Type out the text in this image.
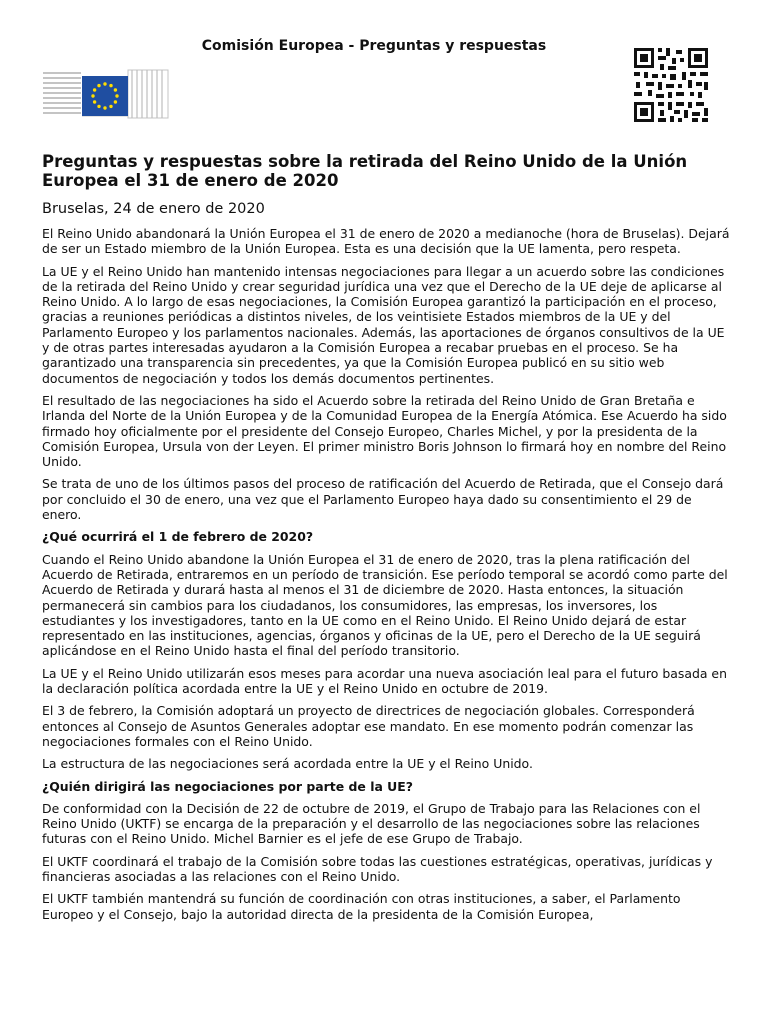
Comisión Europea - Preguntas y respuestas
Preguntas y respuestas sobre la retirada del Reino Unido de la Unión Europea el 31 de enero de 2020
Bruselas, 24 de enero de 2020

El Reino Unido abandonará la Unión Europea el 31 de enero de 2020 a medianoche (hora de Bruselas). Dejará de ser un Estado miembro de la Unión Europea. Esta es una decisión que la UE lamenta, pero respeta.

La UE y el Reino Unido han mantenido intensas negociaciones para llegar a un acuerdo sobre las condiciones de la retirada del Reino Unido y crear seguridad jurídica una vez que el Derecho de la UE deje de aplicarse al Reino Unido. A lo largo de esas negociaciones, la Comisión Europea garantizó la participación en el proceso, gracias a reuniones periódicas a distintos niveles, de los veintisiete Estados miembros de la UE y del Parlamento Europeo y los parlamentos nacionales. Además, las aportaciones de órganos consultivos de la UE y de otras partes interesadas ayudaron a la Comisión Europea a recabar pruebas en el proceso. Se ha garantizado una transparencia sin precedentes, ya que la Comisión Europea publicó en su sitio web documentos de negociación y todos los demás documentos pertinentes.

El resultado de las negociaciones ha sido el Acuerdo sobre la retirada del Reino Unido de Gran Bretaña e Irlanda del Norte de la Unión Europea y de la Comunidad Europea de la Energía Atómica. Ese Acuerdo ha sido firmado hoy oficialmente por el presidente del Consejo Europeo, Charles Michel, y por la presidenta de la Comisión Europea, Ursula von der Leyen. El primer ministro Boris Johnson lo firmará hoy en nombre del Reino Unido.

Se trata de uno de los últimos pasos del proceso de ratificación del Acuerdo de Retirada, que el Consejo dará por concluido el 30 de enero, una vez que el Parlamento Europeo haya dado su consentimiento el 29 de enero.

¿Qué ocurrirá el 1 de febrero de 2020?

Cuando el Reino Unido abandone la Unión Europea el 31 de enero de 2020, tras la plena ratificación del Acuerdo de Retirada, entraremos en un período de transición. Ese período temporal se acordó como parte del Acuerdo de Retirada y durará hasta al menos el 31 de diciembre de 2020. Hasta entonces, la situación permanecerá sin cambios para los ciudadanos, los consumidores, las empresas, los inversores, los estudiantes y los investigadores, tanto en la UE como en el Reino Unido. El Reino Unido dejará de estar representado en las instituciones, agencias, órganos y oficinas de la UE, pero el Derecho de la UE seguirá aplicándose en el Reino Unido hasta el final del período transitorio.

La UE y el Reino Unido utilizarán esos meses para acordar una nueva asociación leal para el futuro basada en la declaración política acordada entre la UE y el Reino Unido en octubre de 2019.

El 3 de febrero, la Comisión adoptará un proyecto de directrices de negociación globales. Corresponderá entonces al Consejo de Asuntos Generales adoptar ese mandato. En ese momento podrán comenzar las negociaciones formales con el Reino Unido.

La estructura de las negociaciones será acordada entre la UE y el Reino Unido.

¿Quién dirigirá las negociaciones por parte de la UE?

De conformidad con la Decisión de 22 de octubre de 2019, el Grupo de Trabajo para las Relaciones con el Reino Unido (UKTF) se encarga de la preparación y el desarrollo de las negociaciones sobre las relaciones futuras con el Reino Unido. Michel Barnier es el jefe de ese Grupo de Trabajo.

El UKTF coordinará el trabajo de la Comisión sobre todas las cuestiones estratégicas, operativas, jurídicas y financieras asociadas a las relaciones con el Reino Unido.

El UKTF también mantendrá su función de coordinación con otras instituciones, a saber, el Parlamento Europeo y el Consejo, bajo la autoridad directa de la presidenta de la Comisión Europea,
